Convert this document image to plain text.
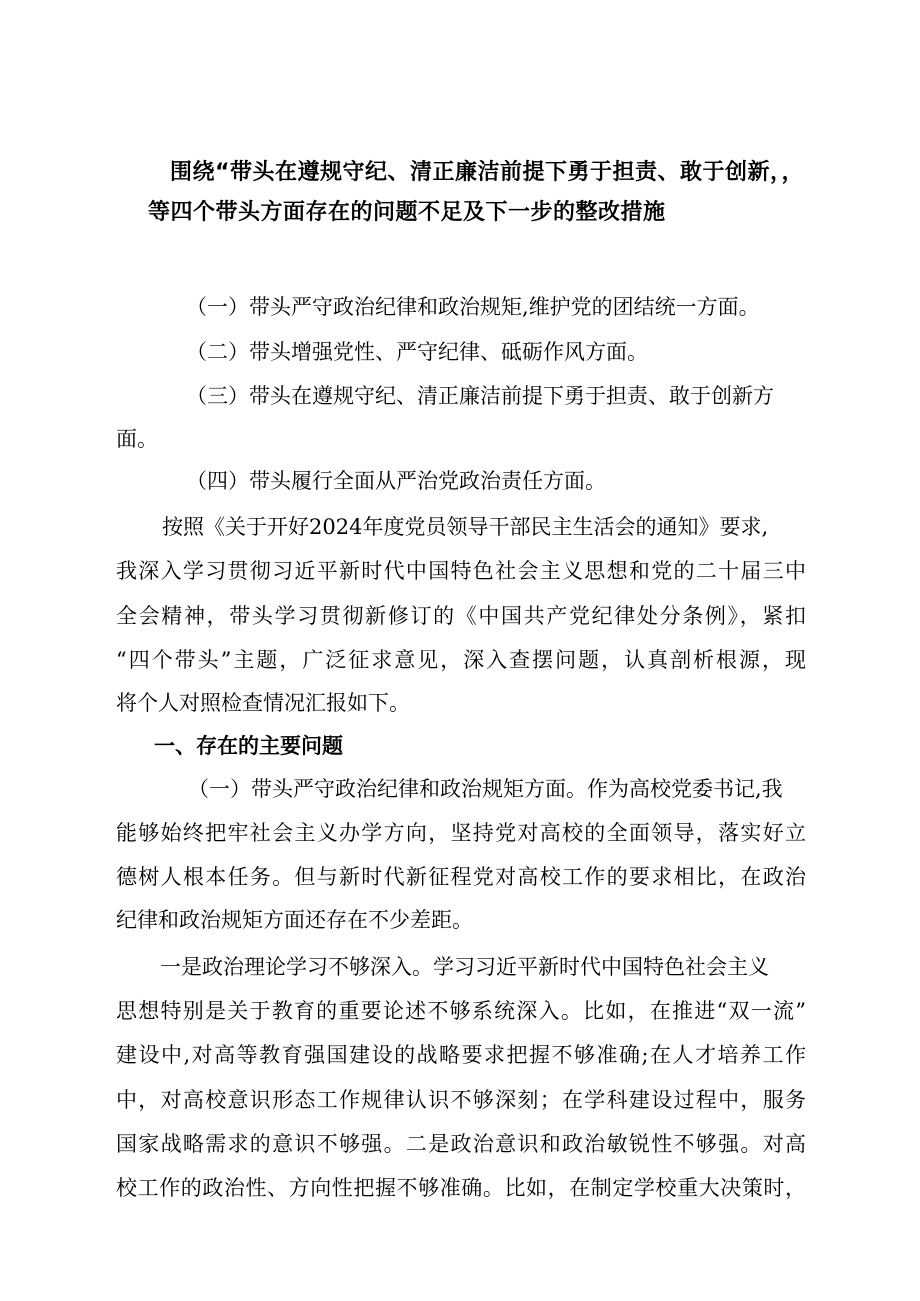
围绕“带头在遵规守纪、清正廉洁前提下勇于担责、敢于创新，，
等四个带头方面存在的问题不足及下一步的整改措施
（一）带头严守政治纪律和政治规矩,维护党的团结统一方面。
（二）带头增强党性、严守纪律、砥砺作风方面。
（三）带头在遵规守纪、清正廉洁前提下勇于担责、敢于创新方
面。
（四）带头履行全面从严治党政治责任方面。
按照《关于开好2024年度党员领导干部民主生活会的通知》要求,
我深入学习贯彻习近平新时代中国特色社会主义思想和党的二十届三中
全会精神，带头学习贯彻新修订的《中国共产党纪律处分条例》，紧扣
“四个带头”主题，广泛征求意见，深入查摆问题，认真剖析根源，现
将个人对照检查情况汇报如下。
一、存在的主要问题
（一）带头严守政治纪律和政治规矩方面。作为高校党委书记,我
能够始终把牢社会主义办学方向，坚持党对高校的全面领导，落实好立
德树人根本任务。但与新时代新征程党对高校工作的要求相比，在政治
纪律和政治规矩方面还存在不少差距。
一是政治理论学习不够深入。学习习近平新时代中国特色社会主义
思想特别是关于教育的重要论述不够系统深入。比如，在推进“双一流”
建设中,对高等教育强国建设的战略要求把握不够准确;在人才培养工作
中，对高校意识形态工作规律认识不够深刻；在学科建设过程中，服务
国家战略需求的意识不够强。二是政治意识和政治敏锐性不够强。对高
校工作的政治性、方向性把握不够准确。比如，在制定学校重大决策时，
